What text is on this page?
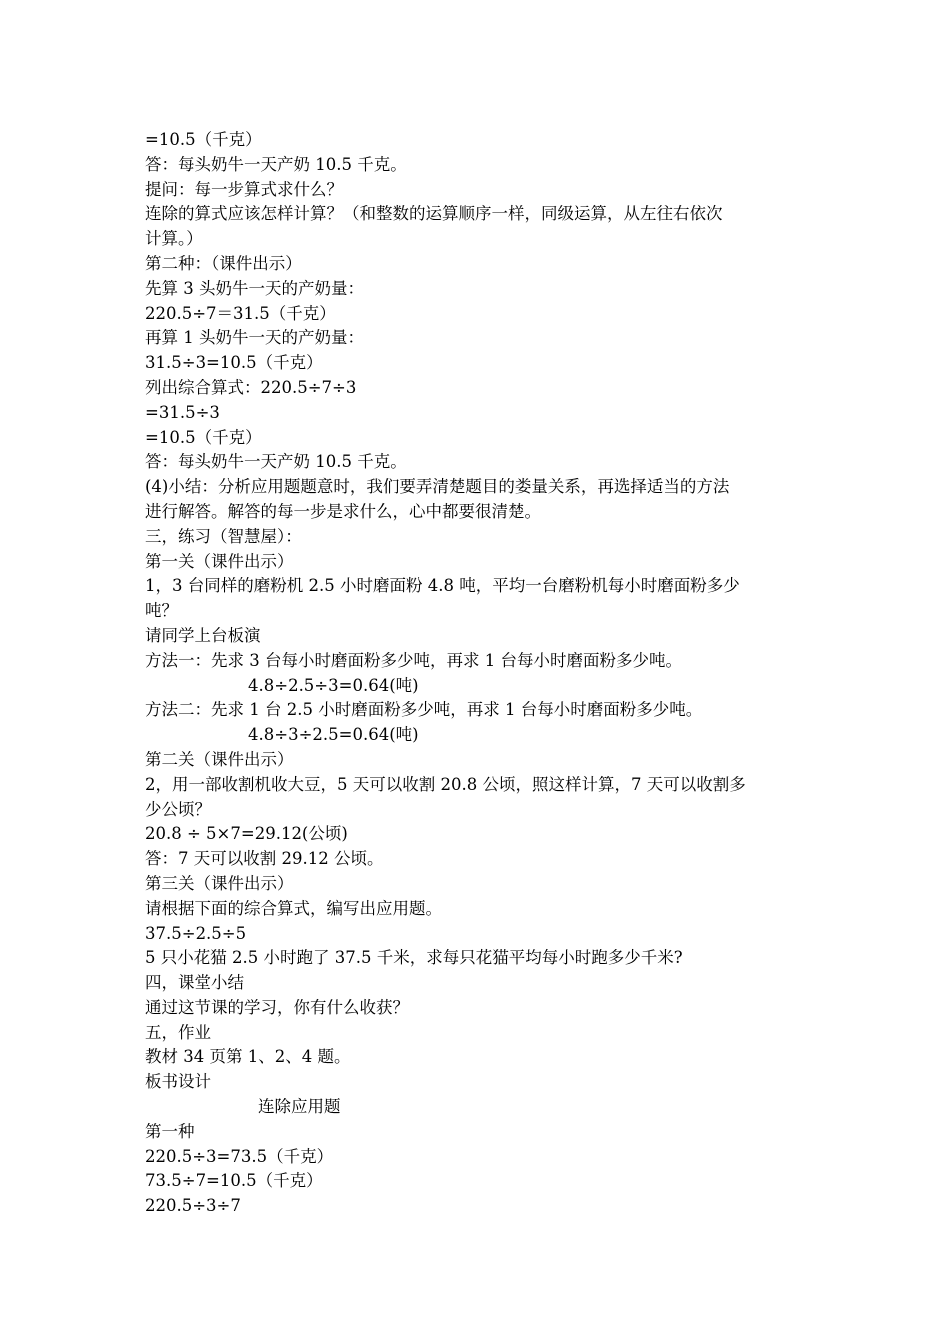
=10.5（千克）
答：每头奶牛一天产奶 10.5 千克。
提问：每一步算式求什么？
连除的算式应该怎样计算？（和整数的运算顺序一样，同级运算，从左往右依次
计算。）
第二种：（课件出示）
先算 3 头奶牛一天的产奶量：
220.5÷7＝31.5（千克）
再算 1 头奶牛一天的产奶量：
31.5÷3=10.5（千克）
列出综合算式：220.5÷7÷3
=31.5÷3
=10.5（千克）
答：每头奶牛一天产奶 10.5 千克。
(4)小结：分析应用题题意时，我们要弄清楚题目的娄量关系，再选择适当的方法
进行解答。解答的每一步是求什么，心中都要很清楚。
三，练习（智慧屋）：
第一关（课件出示）
1，3 台同样的磨粉机 2.5 小时磨面粉 4.8 吨，平均一台磨粉机每小时磨面粉多少
吨？
请同学上台板演
方法一：先求 3 台每小时磨面粉多少吨，再求 1 台每小时磨面粉多少吨。
4.8÷2.5÷3=0.64(吨)
方法二：先求 1 台 2.5 小时磨面粉多少吨，再求 1 台每小时磨面粉多少吨。
4.8÷3÷2.5=0.64(吨)
第二关（课件出示）
2，用一部收割机收大豆，5 天可以收割 20.8 公顷，照这样计算，7 天可以收割多
少公顷？
20.8 ÷ 5×7=29.12(公顷)
答：7 天可以收割 29.12 公顷。
第三关（课件出示）
请根据下面的综合算式，编写出应用题。
37.5÷2.5÷5
5 只小花猫 2.5 小时跑了 37.5 千米，求每只花猫平均每小时跑多少千米?
四，课堂小结
通过这节课的学习，你有什么收获？
五，作业
教材 34 页第 1、2、4 题。
板书设计
连除应用题
第一种
220.5÷3=73.5（千克）
73.5÷7=10.5（千克）
220.5÷3÷7
